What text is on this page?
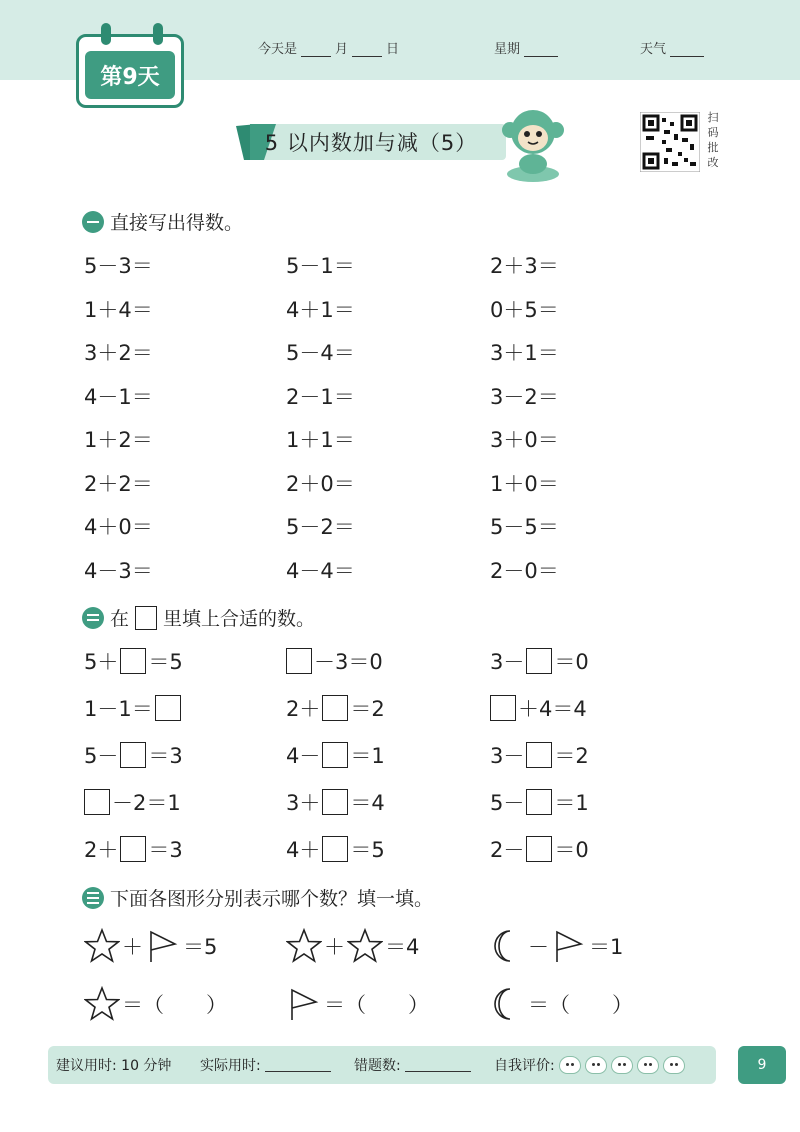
第9天
今天是	月	日	星期	天气
5 以内数加与减（5）
扫
码
批
改
直接写出得数。
5－3＝	5－1＝	2＋3＝
1＋4＝	4＋1＝	0＋5＝
3＋2＝	5－4＝	3＋1＝
4－1＝	2－1＝	3－2＝
1＋2＝	1＋1＝	3＋0＝
2＋2＝	2＋0＝	1＋0＝
4＋0＝	5－2＝	5－5＝
4－3＝	4－4＝	2－0＝
在 里填上合适的数。
5＋ ＝5	－3＝0	3－ ＝0
1－1＝	2＋ ＝2	＋4＝4
5－ ＝3	4－ ＝1	3－ ＝2
－2＝1	3＋ ＝4	5－ ＝1
2＋ ＝3	4＋ ＝5	2－ ＝0
下面各图形分别表示哪个数？填一填。
＋ ＝5	＋ ＝4	－ ＝1
＝（　　）	＝（　　）	＝（　　）
建议用时: 10 分钟 实际用时:	错题数:	自我评价:	9
